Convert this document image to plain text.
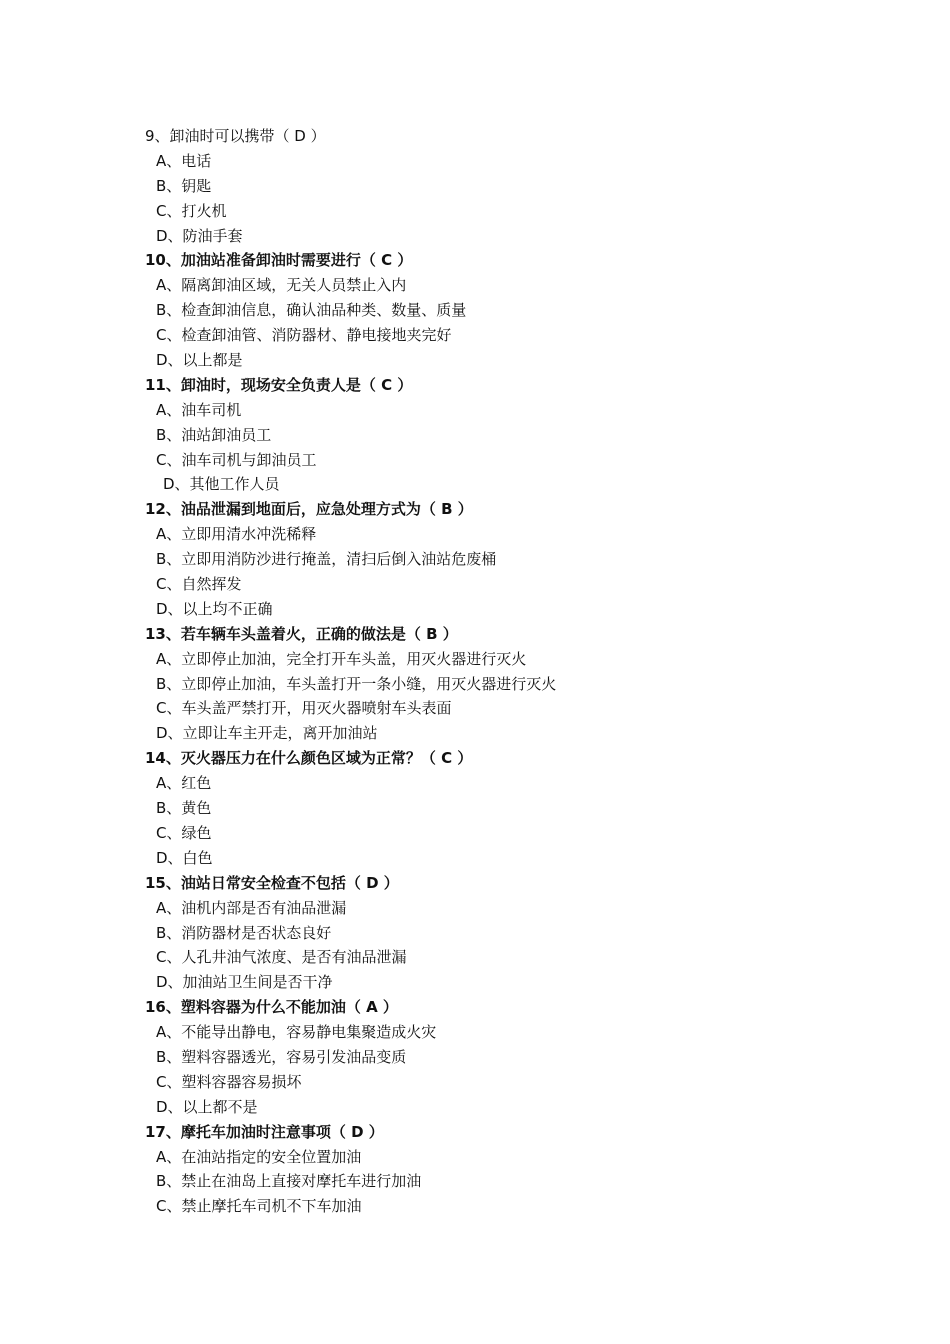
9、卸油时可以携带（ D ）
A、电话
B、钥匙
C、打火机
D、防油手套
10、加油站准备卸油时需要进行（ C ）
A、隔离卸油区域，无关人员禁止入内
B、检查卸油信息，确认油品种类、数量、质量
C、检查卸油管、消防器材、静电接地夹完好
D、以上都是
11、卸油时，现场安全负责人是（ C ）
A、油车司机
B、油站卸油员工
C、油车司机与卸油员工
D、其他工作人员
12、油品泄漏到地面后，应急处理方式为（ B ）
A、立即用清水冲洗稀释
B、立即用消防沙进行掩盖，清扫后倒入油站危废桶
C、自然挥发
D、以上均不正确
13、若车辆车头盖着火，正确的做法是（ B ）
A、立即停止加油，完全打开车头盖，用灭火器进行灭火
B、立即停止加油，车头盖打开一条小缝，用灭火器进行灭火
C、车头盖严禁打开，用灭火器喷射车头表面
D、立即让车主开走，离开加油站
14、灭火器压力在什么颜色区域为正常？（ C ）
A、红色
B、黄色
C、绿色
D、白色
15、油站日常安全检查不包括（ D ）
A、油机内部是否有油品泄漏
B、消防器材是否状态良好
C、人孔井油气浓度、是否有油品泄漏
D、加油站卫生间是否干净
16、塑料容器为什么不能加油（ A ）
A、不能导出静电，容易静电集聚造成火灾
B、塑料容器透光，容易引发油品变质
C、塑料容器容易损坏
D、以上都不是
17、摩托车加油时注意事项（ D ）
A、在油站指定的安全位置加油
B、禁止在油岛上直接对摩托车进行加油
C、禁止摩托车司机不下车加油
